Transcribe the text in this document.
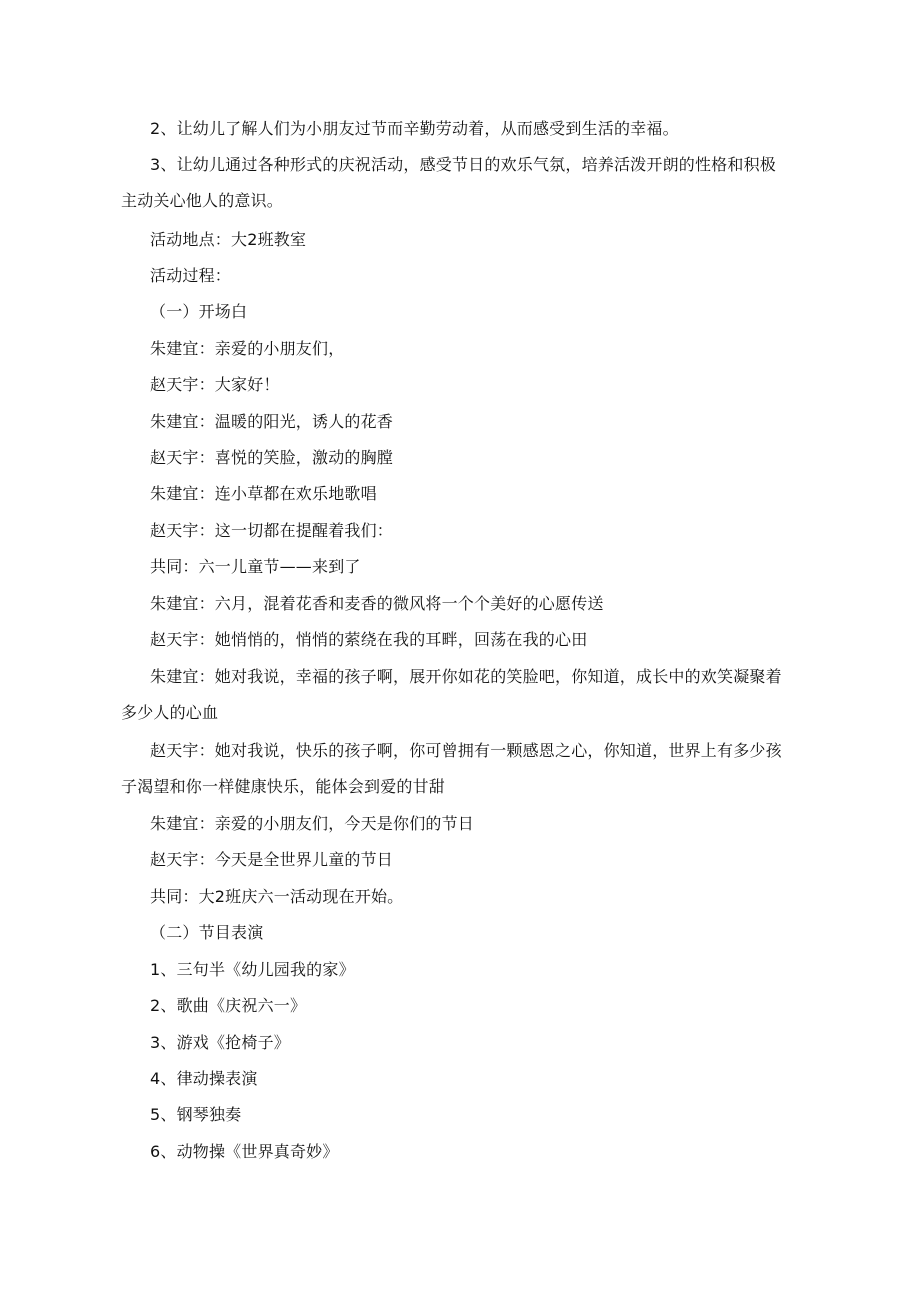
2、让幼儿了解人们为小朋友过节而辛勤劳动着，从而感受到生活的幸福。

3、让幼儿通过各种形式的庆祝活动，感受节日的欢乐气氛，培养活泼开朗的性格和积极主动关心他人的意识。

活动地点：大2班教室

活动过程：

（一）开场白

朱建宜：亲爱的小朋友们，

赵天宇：大家好！

朱建宜：温暖的阳光，诱人的花香

赵天宇：喜悦的笑脸，激动的胸膛

朱建宜：连小草都在欢乐地歌唱

赵天宇：这一切都在提醒着我们：

共同：六一儿童节——来到了

朱建宜：六月，混着花香和麦香的微风将一个个美好的心愿传送

赵天宇：她悄悄的，悄悄的萦绕在我的耳畔，回荡在我的心田

朱建宜：她对我说，幸福的孩子啊，展开你如花的笑脸吧，你知道，成长中的欢笑凝聚着多少人的心血

赵天宇：她对我说，快乐的孩子啊，你可曾拥有一颗感恩之心，你知道，世界上有多少孩子渴望和你一样健康快乐，能体会到爱的甘甜

朱建宜：亲爱的小朋友们，今天是你们的节日

赵天宇：今天是全世界儿童的节日

共同：大2班庆六一活动现在开始。

（二）节目表演

1、三句半《幼儿园我的家》

2、歌曲《庆祝六一》

3、游戏《抢椅子》

4、律动操表演

5、钢琴独奏

6、动物操《世界真奇妙》
